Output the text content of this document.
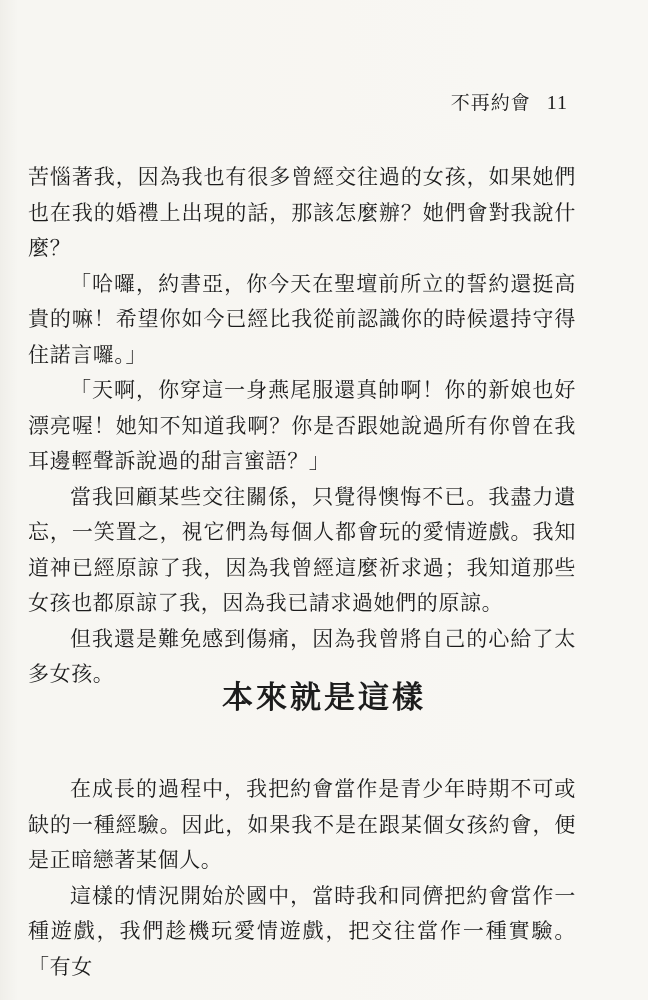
不再約會 11

苦惱著我，因為我也有很多曾經交往過的女孩，如果她們也在我的婚禮上出現的話，那該怎麼辦？她們會對我說什麼？

「哈囉，約書亞，你今天在聖壇前所立的誓約還挺高貴的嘛！希望你如今已經比我從前認識你的時候還持守得住諾言囉。」

「天啊，你穿這一身燕尾服還真帥啊！你的新娘也好漂亮喔！她知不知道我啊？你是否跟她說過所有你曾在我耳邊輕聲訴說過的甜言蜜語？」

當我回顧某些交往關係，只覺得懊悔不已。我盡力遺忘，一笑置之，視它們為每個人都會玩的愛情遊戲。我知道神已經原諒了我，因為我曾經這麼祈求過；我知道那些女孩也都原諒了我，因為我已請求過她們的原諒。

但我還是難免感到傷痛，因為我曾將自己的心給了太多女孩。

本來就是這樣

在成長的過程中，我把約會當作是青少年時期不可或缺的一種經驗。因此，如果我不是在跟某個女孩約會，便是正暗戀著某個人。

這樣的情況開始於國中，當時我和同儕把約會當作一種遊戲，我們趁機玩愛情遊戲，把交往當作一種實驗。「有女
